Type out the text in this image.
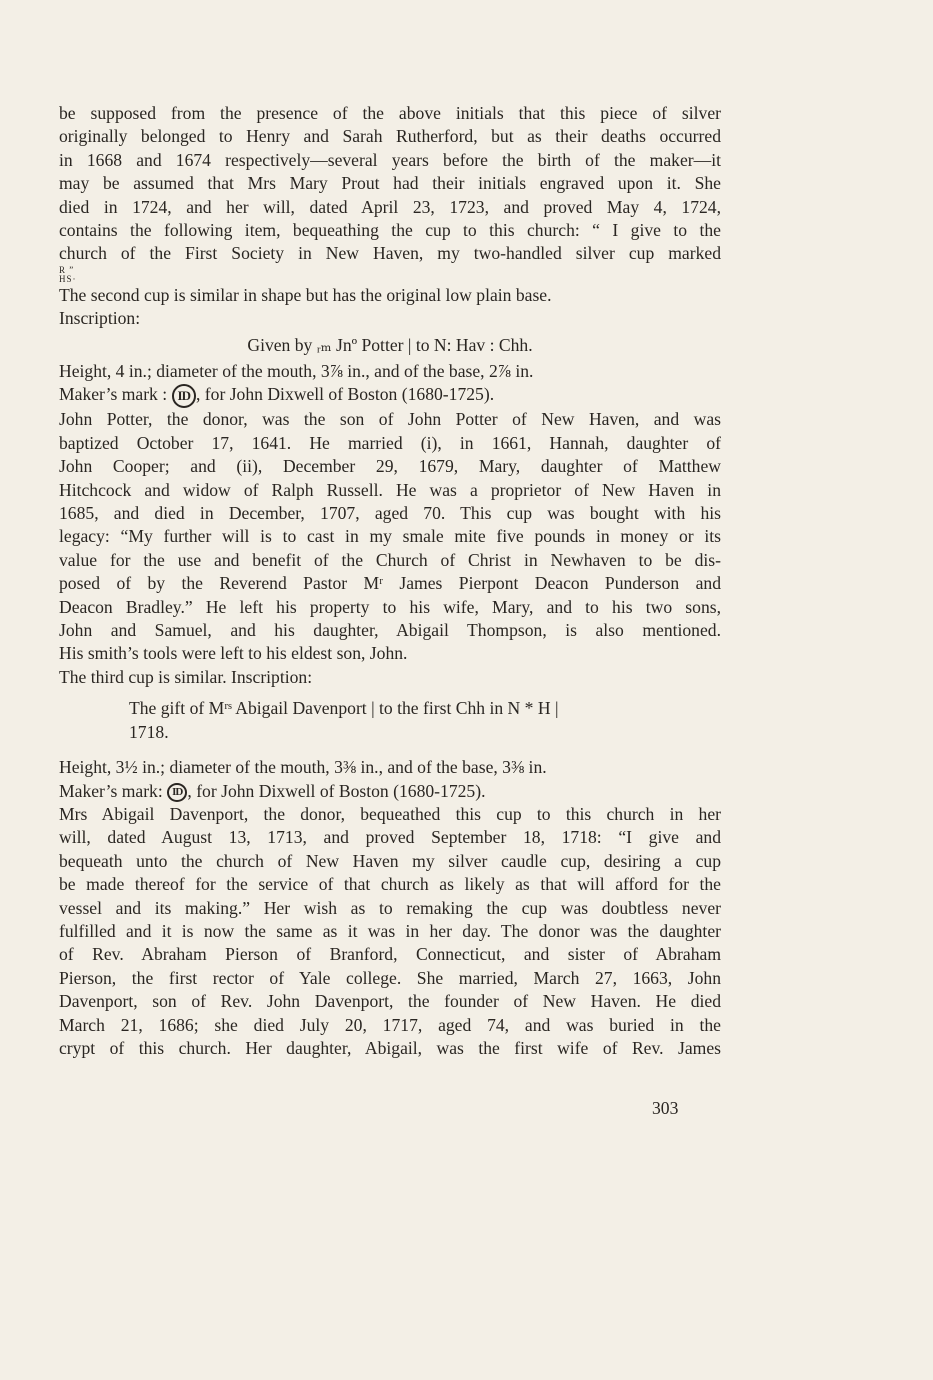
be supposed from the presence of the above initials that this piece of silver

originally belonged to Henry and Sarah Rutherford, but as their deaths occurred

in 1668 and 1674 respectively—several years before the birth of the maker—it

may be assumed that Mrs Mary Prout had their initials engraved upon it. She

died in 1724, and her will, dated April 23, 1723, and proved May 4, 1724,

contains the following item, bequeathing the cup to this church: “ I give to the

church of the First Society in New Haven, my two-handled silver cup marked

R ”

HS·

The second cup is similar in shape but has the original low plain base.

Inscription:

Given by ᵣₘ Jnº Potter | to N: Hav : Chh.

Height, 4 in.; diameter of the mouth, 3⅞ in., and of the base, 2⅞ in.

Maker’s mark : ID , for John Dixwell of Boston (1680-1725).

John Potter, the donor, was the son of John Potter of New Haven, and was

baptized October 17, 1641. He married (i), in 1661, Hannah, daughter of

John Cooper; and (ii), December 29, 1679, Mary, daughter of Matthew

Hitchcock and widow of Ralph Russell. He was a proprietor of New Haven in

1685, and died in December, 1707, aged 70. This cup was bought with his

legacy: “My further will is to cast in my smale mite five pounds in money or its

value for the use and benefit of the Church of Christ in Newhaven to be dis-

posed of by the Reverend Pastor Mʳ James Pierpont Deacon Punderson and

Deacon Bradley.” He left his property to his wife, Mary, and to his two sons,

John and Samuel, and his daughter, Abigail Thompson, is also mentioned.

His smith’s tools were left to his eldest son, John.

The third cup is similar. Inscription:

The gift of Mʳˢ Abigail Davenport | to the first Chh in N * H |

1718.

Height, 3½ in.; diameter of the mouth, 3⅜ in., and of the base, 3⅜ in.

Maker’s mark: ID , for John Dixwell of Boston (1680-1725).

Mrs Abigail Davenport, the donor, bequeathed this cup to this church in her

will, dated August 13, 1713, and proved September 18, 1718: “I give and

bequeath unto the church of New Haven my silver caudle cup, desiring a cup

be made thereof for the service of that church as likely as that will afford for the

vessel and its making.” Her wish as to remaking the cup was doubtless never

fulfilled and it is now the same as it was in her day. The donor was the daughter

of Rev. Abraham Pierson of Branford, Connecticut, and sister of Abraham

Pierson, the first rector of Yale college. She married, March 27, 1663, John

Davenport, son of Rev. John Davenport, the founder of New Haven. He died

March 21, 1686; she died July 20, 1717, aged 74, and was buried in the

crypt of this church. Her daughter, Abigail, was the first wife of Rev. James

303
